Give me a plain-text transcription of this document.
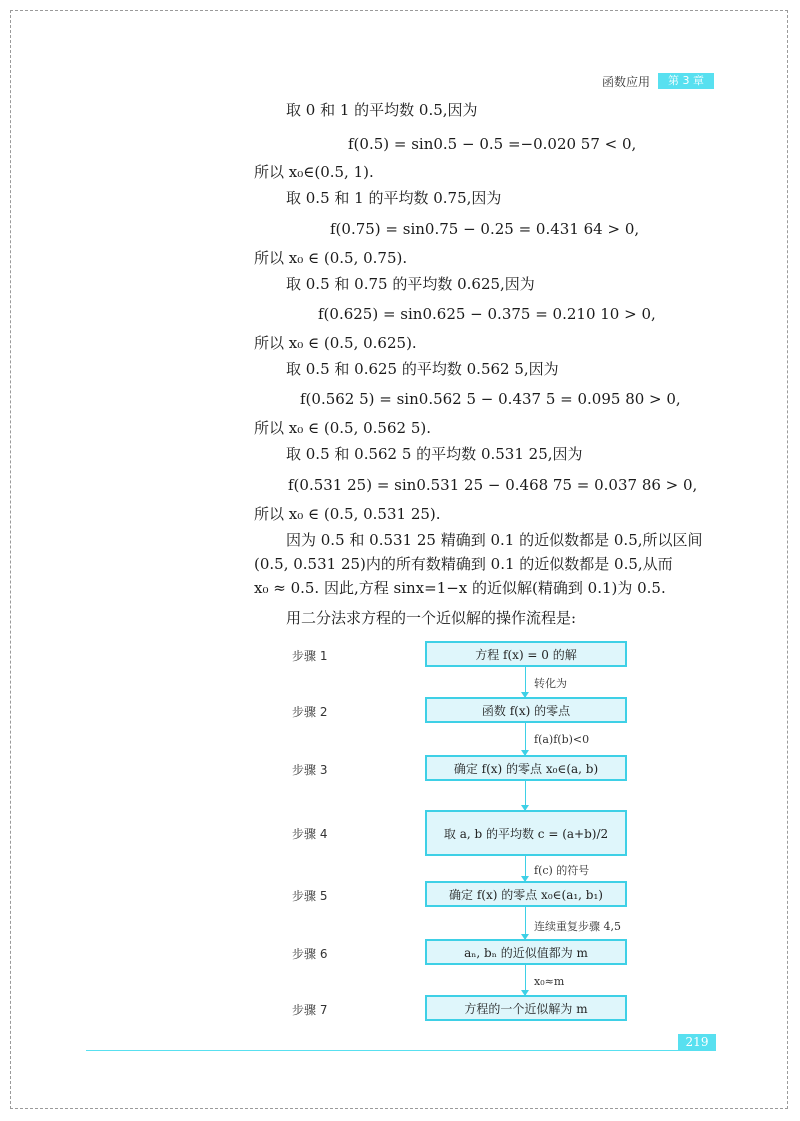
函数应用	第 3 章
取 0 和 1 的平均数 0.5,因为
f(0.5) = sin0.5 − 0.5 =−0.020 57 < 0,
所以 x₀∈(0.5, 1).
取 0.5 和 1 的平均数 0.75,因为
f(0.75) = sin0.75 − 0.25 = 0.431 64 > 0,
所以 x₀ ∈ (0.5, 0.75).
取 0.5 和 0.75 的平均数 0.625,因为
f(0.625) = sin0.625 − 0.375 = 0.210 10 > 0,
所以 x₀ ∈ (0.5, 0.625).
取 0.5 和 0.625 的平均数 0.562 5,因为
f(0.562 5) = sin0.562 5 − 0.437 5 = 0.095 80 > 0,
所以 x₀ ∈ (0.5, 0.562 5).
取 0.5 和 0.562 5 的平均数 0.531 25,因为
f(0.531 25) = sin0.531 25 − 0.468 75 = 0.037 86 > 0,
所以 x₀ ∈ (0.5, 0.531 25).
因为 0.5 和 0.531 25 精确到 0.1 的近似数都是 0.5,所以区间
(0.5, 0.531 25)内的所有数精确到 0.1 的近似数都是 0.5,从而
x₀ ≈ 0.5. 因此,方程 sinx=1−x 的近似解(精确到 0.1)为 0.5.
用二分法求方程的一个近似解的操作流程是:
步骤 1
步骤 2
步骤 3
步骤 4
步骤 5
步骤 6
步骤 7
方程 f(x) = 0 的解
函数 f(x) 的零点
确定 f(x) 的零点 x₀∈(a, b)
取 a, b 的平均数 c = (a+b)/2
确定 f(x) 的零点 x₀∈(a₁, b₁)
aₙ, bₙ 的近似值都为 m
方程的一个近似解为 m
转化为
f(a)f(b)<0
f(c) 的符号
连续重复步骤 4,5
x₀≈m
219
